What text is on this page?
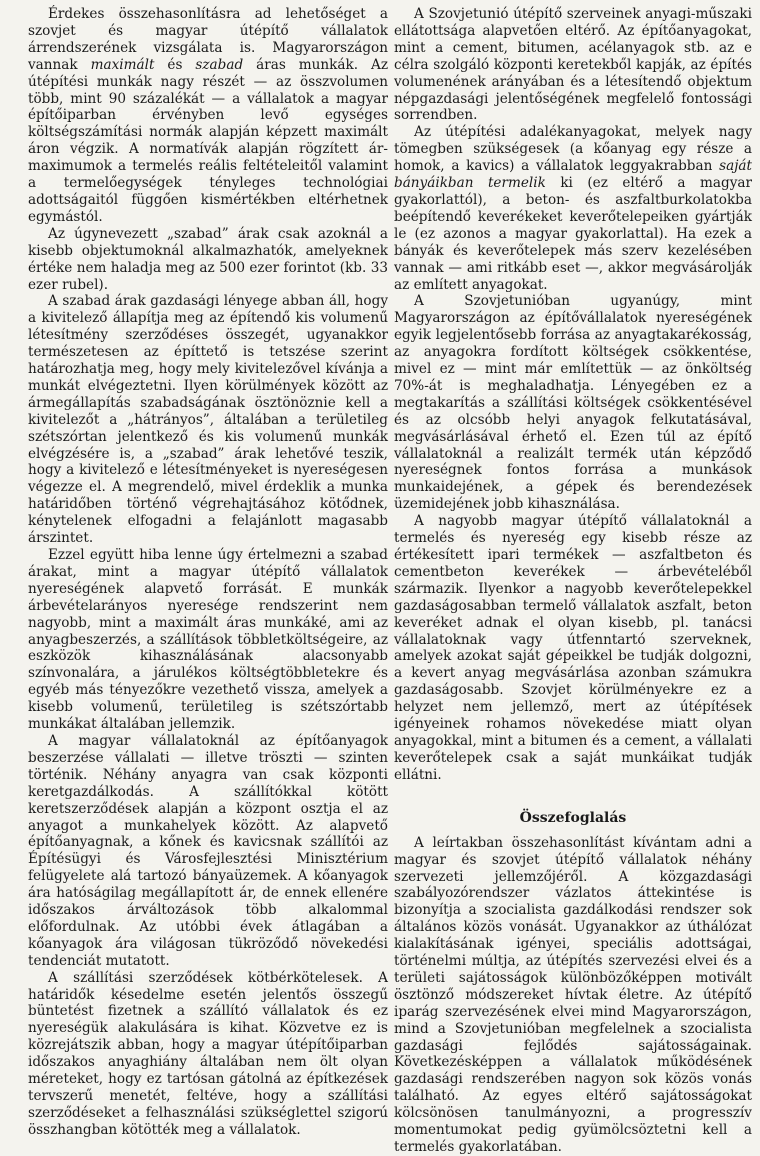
Érdekes összehasonlításra ad lehetőséget a szovjet és magyar útépítő vállalatok árrendszerének vizsgálata is. Magyarországon vannak maximált és szabad áras munkák. Az útépítési munkák nagy részét — az összvolumen több, mint 90 százalékát — a vállalatok a magyar építőiparban érvényben levő egységes költségszámítási normák alapján képzett maximált áron végzik. A normatívák alapján rögzített ár-maximumok a termelés reális feltételeitől valamint a termelőegységek tényleges technológiai adottságaitól függően kismértékben eltérhetnek egymástól.

Az úgynevezett „szabad” árak csak azoknál a kisebb objektumoknál alkalmazhatók, amelyeknek értéke nem haladja meg az 500 ezer forintot (kb. 33 ezer rubel).

A szabad árak gazdasági lényege abban áll, hogy a kivitelező állapítja meg az építendő kis volumenű létesítmény szerződéses összegét, ugyanakkor természetesen az építtető is tetszése szerint határozhatja meg, hogy mely kivitelezővel kívánja a munkát elvégeztetni. Ilyen körülmények között az ármegállapítás szabadságának ösztönöznie kell a kivitelezőt a „hátrányos”, általában a területileg szétszórtan jelentkező és kis volumenű munkák elvégzésére is, a „szabad” árak lehetővé teszik, hogy a kivitelező e létesítményeket is nyereségesen végezze el. A megrendelő, mivel érdeklik a munka határidőben történő végrehajtásához kötődnek, kénytelenek elfogadni a felajánlott magasabb árszintet.

Ezzel együtt hiba lenne úgy értelmezni a szabad árakat, mint a magyar útépítő vállalatok nyereségének alapvető forrását. E munkák árbevételarányos nyeresége rendszerint nem nagyobb, mint a maximált áras munkáké, ami az anyagbeszerzés, a szállítások többletköltségeire, az eszközök kihasználásának alacsonyabb színvonalára, a járulékos költségtöbbletekre és egyéb más tényezőkre vezethető vissza, amelyek a kisebb volumenű, területileg is szétszórtabb munkákat általában jellemzik.

A magyar vállalatoknál az építőanyagok beszerzése vállalati — illetve tröszti — szinten történik. Néhány anyagra van csak központi keretgazdálkodás. A szállítókkal kötött keretszerződések alapján a központ osztja el az anyagot a munkahelyek között. Az alapvető építőanyagnak, a kőnek és kavicsnak szállítói az Építésügyi és Városfejlesztési Minisztérium felügyelete alá tartozó bányaüzemek. A kőanyagok ára hatóságilag megállapított ár, de ennek ellenére időszakos árváltozások több alkalommal előfordulnak. Az utóbbi évek átlagában a kőanyagok ára világosan tükröződő növekedési tendenciát mutatott.

A szállítási szerződések kötbérkötelesek. A határidők késedelme esetén jelentős összegű büntetést fizetnek a szállító vállalatok és ez nyereségük alakulására is kihat. Közvetve ez is közrejátszik abban, hogy a magyar útépítőiparban időszakos anyaghiány általában nem ölt olyan méreteket, hogy ez tartósan gátolná az építkezések tervszerű menetét, feltéve, hogy a szállítási szerződéseket a felhasználási szükséglettel szigorú összhangban kötötték meg a vállalatok.

A Szovjetunió útépítő szerveinek anyagi-műszaki ellátottsága alapvetően eltérő. Az építőanyagokat, mint a cement, bitumen, acélanyagok stb. az e célra szolgáló központi keretekből kapják, az építés volumenének arányában és a létesítendő objektum népgazdasági jelentőségének megfelelő fontossági sorrendben.

Az útépítési adalékanyagokat, melyek nagy tömegben szükségesek (a kőanyag egy része a homok, a kavics) a vállalatok leggyakrabban saját bányáikban termelik ki (ez eltérő a magyar gyakorlattól), a beton- és aszfaltburkolatokba beépítendő keverékeket keverőtelepeiken gyártják le (ez azonos a magyar gyakorlattal). Ha ezek a bányák és keverőtelepek más szerv kezelésében vannak — ami ritkább eset —, akkor megvásárolják az említett anyagokat.

A Szovjetunióban ugyanúgy, mint Magyarországon az építővállalatok nyereségének egyik legjelentősebb forrása az anyagtakarékosság, az anyagokra fordított költségek csökkentése, mivel ez — mint már említettük — az önköltség 70%-át is meghaladhatja. Lényegében ez a megtakarítás a szállítási költségek csökkentésével és az olcsóbb helyi anyagok felkutatásával, megvásárlásával érhető el. Ezen túl az építő vállalatoknál a realizált termék után képződő nyereségnek fontos forrása a munkások munkaidejének, a gépek és berendezések üzemidejének jobb kihasználása.

A nagyobb magyar útépítő vállalatoknál a termelés és nyereség egy kisebb része az értékesített ipari termékek — aszfaltbeton és cementbeton keverékek — árbevételéből származik. Ilyenkor a nagyobb keverőtelepekkel gazdaságosabban termelő vállalatok aszfalt, beton keveréket adnak el olyan kisebb, pl. tanácsi vállalatoknak vagy útfenntartó szerveknek, amelyek azokat saját gépeikkel be tudják dolgozni, a kevert anyag megvásárlása azonban számukra gazdaságosabb. Szovjet körülményekre ez a helyzet nem jellemző, mert az útépítések igényeinek rohamos növekedése miatt olyan anyagokkal, mint a bitumen és a cement, a vállalati keverőtelepek csak a saját munkáikat tudják ellátni.

Összefoglalás

A leírtakban összehasonlítást kívántam adni a magyar és szovjet útépítő vállalatok néhány szervezeti jellemzőjéről. A közgazdasági szabályozórendszer vázlatos áttekintése is bizonyítja a szocialista gazdálkodási rendszer sok általános közös vonását. Ugyanakkor az úthálózat kialakításának igényei, speciális adottságai, történelmi múltja, az útépítés szervezési elvei és a területi sajátosságok különbözőképpen motivált ösztönző módszereket hívtak életre. Az útépítő iparág szervezésének elvei mind Magyarországon, mind a Szovjetunióban megfelelnek a szocialista gazdasági fejlődés sajátosságainak. Következésképpen a vállalatok működésének gazdasági rendszerében nagyon sok közös vonás található. Az egyes eltérő sajátosságokat kölcsönösen tanulmányozni, a progresszív momentumokat pedig gyümölcsöztetni kell a termelés gyakorlatában.
